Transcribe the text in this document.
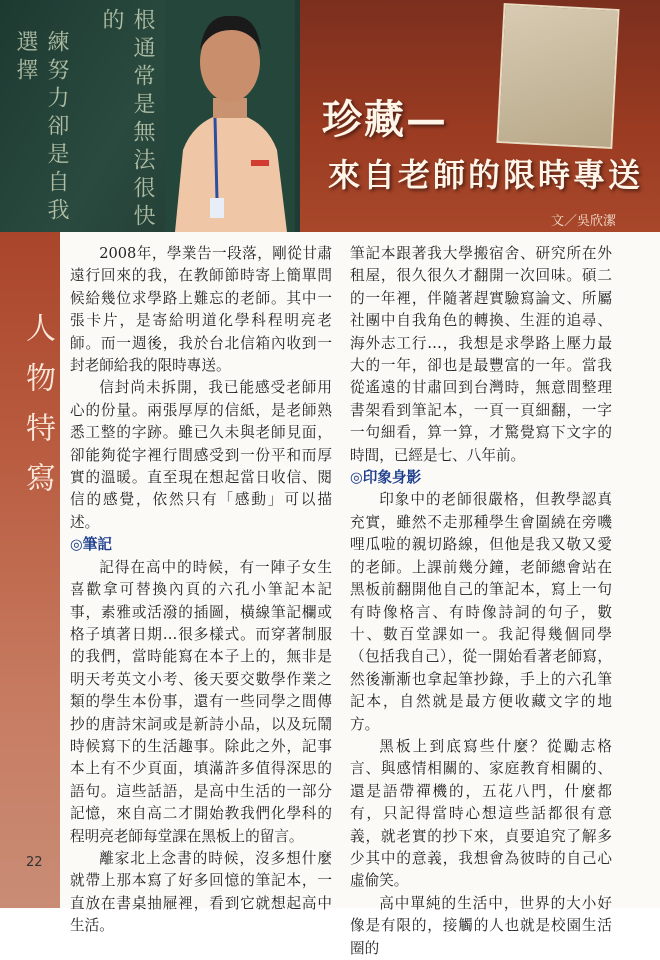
根通常是無法很快的
練努力卻是自我選擇
珍藏—
來自老師的限時專送
文／吳欣潔
人物特寫
22

2008年，學業告一段落，剛從甘肅遠行回來的我，在教師節時寄上簡單問候給幾位求學路上難忘的老師。其中一張卡片，是寄給明道化學科程明亮老師。而一週後，我於台北信箱內收到一封老師給我的限時專送。

信封尚未拆開，我已能感受老師用心的份量。兩張厚厚的信紙，是老師熟悉工整的字跡。雖已久未與老師見面，卻能夠從字裡行間感受到一份平和而厚實的溫暖。直至現在想起當日收信、閱信的感覺，依然只有「感動」可以描述。

◎筆記

記得在高中的時候，有一陣子女生喜歡拿可替換內頁的六孔小筆記本記事，素雅或活潑的插圖，橫線筆記欄或格子填著日期…很多樣式。而穿著制服的我們，當時能寫在本子上的，無非是明天考英文小考、後天要交數學作業之類的學生本份事，還有一些同學之間傳抄的唐詩宋詞或是新詩小品，以及玩鬧時候寫下的生活趣事。除此之外，記事本上有不少頁面，填滿許多值得深思的語句。這些話語，是高中生活的一部分記憶，來自高二才開始教我們化學科的程明亮老師每堂課在黑板上的留言。

離家北上念書的時候，沒多想什麼就帶上那本寫了好多回憶的筆記本，一直放在書桌抽屜裡，看到它就想起高中生活。

筆記本跟著我大學搬宿舍、研究所在外租屋，很久很久才翻開一次回味。碩二的一年裡，伴隨著趕實驗寫論文、所屬社團中自我角色的轉換、生涯的追尋、海外志工行…，我想是求學路上壓力最大的一年，卻也是最豐富的一年。當我從遙遠的甘肅回到台灣時，無意間整理書架看到筆記本，一頁一頁細翻，一字一句細看，算一算，才驚覺寫下文字的時間，已經是七、八年前。

◎印象身影

印象中的老師很嚴格，但教學認真充實，雖然不走那種學生會圍繞在旁嘰哩瓜啦的親切路線，但他是我又敬又愛的老師。上課前幾分鐘，老師總會站在黑板前翻開他自己的筆記本，寫上一句有時像格言、有時像詩詞的句子，數十、數百堂課如一。我記得幾個同學（包括我自己），從一開始看著老師寫，然後漸漸也拿起筆抄錄，手上的六孔筆記本，自然就是最方便收藏文字的地方。

黑板上到底寫些什麼？從勵志格言、與感情相關的、家庭教育相關的、還是語帶禪機的，五花八門，什麼都有，只記得當時心想這些話都很有意義，就老實的抄下來，貞要追究了解多少其中的意義，我想會為彼時的自己心虛偷笑。

高中單純的生活中，世界的大小好像是有限的，接觸的人也就是校園生活圈的
